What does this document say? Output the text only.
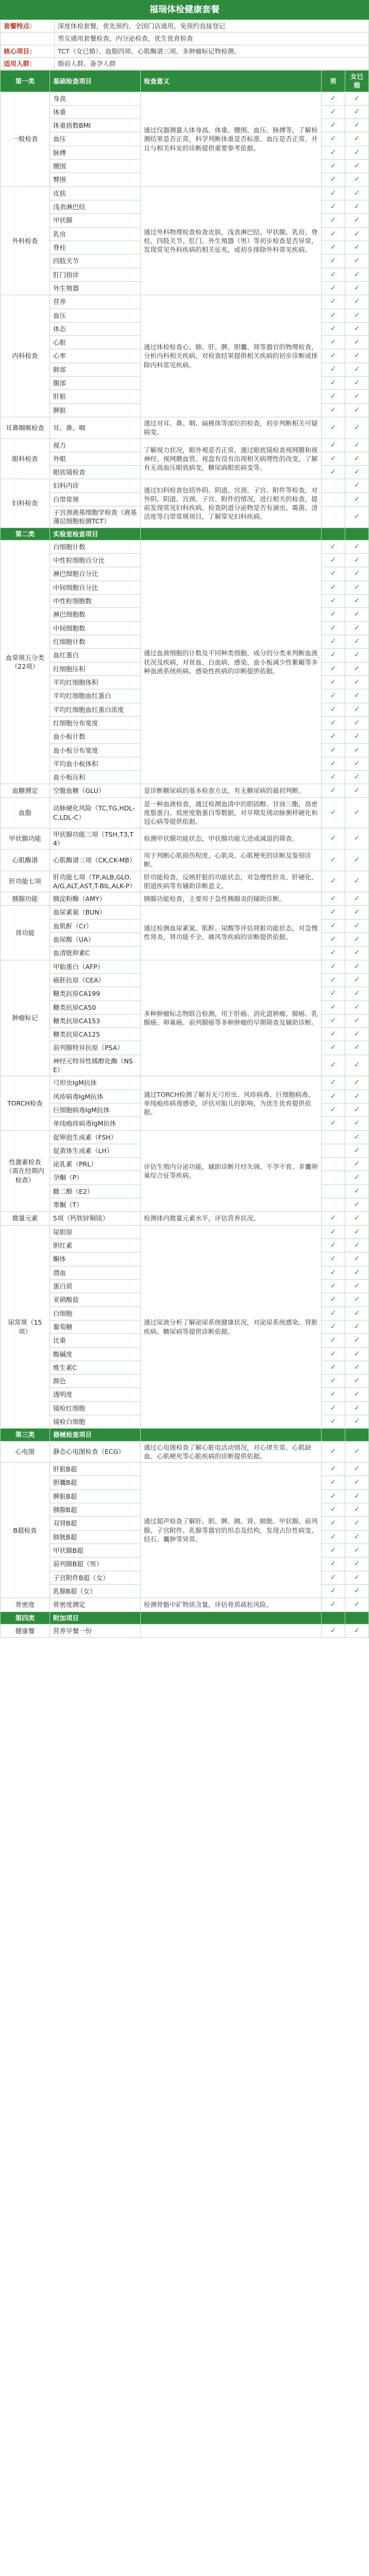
福瑞体检健康套餐
套餐特点：	深度体检套餐，优先预约，全国门店通用，免预约直接登记
	男女通用套餐检查，内分泌检查，优生优育检查
核心项目：	TCT（女已婚）、血脂四项、心肌酶谱三项、多肿瘤标记物检测、
适用人群：	婚前人群、备孕人群
第一类	基础检查项目	检查意义	男	女已婚
一般检查	身高	通过仪器测量人体身高、体重、腰围、血压、脉搏等，了解检测结果是否正常，科学判断体重是否标准、血压是否正常，并且与相关科室的诊断提供重要参考依据。	✓	✓
	体重		✓	✓
	体重指数BMI		✓	✓
	血压		✓	✓
	脉搏		✓	✓
	腰围		✓	✓
	臀围		✓	✓
外科检查	皮肤	通过外科物理检查检查皮肤、浅表淋巴结、甲状腺、乳房、脊柱、四肢关节、肛门、外生殖器（男）等初步检查是否异常，发现常见外科疾病的相关征兆，或初步排除外科常见疾病。	✓	✓
	浅表淋巴结		✓	✓
	甲状腺		✓	✓
	乳房		✓	✓
	脊柱		✓	✓
	四肢关节		✓	✓
	肛门指诊		✓	✓
	外生殖器		✓	✓
内科检查	营养	通过体检检查心、肺、肝、脾、胆囊、肾等器官的物理检查，分析内科相关疾病，对检查结果提供相关疾病的初步诊断或排除内科常见疾病。	✓	✓
	血压		✓	✓
	体态		✓	✓
	心脏		✓	✓
	心率		✓	✓
	肺部		✓	✓
	腹部		✓	✓
	肝脏		✓	✓
	脾脏		✓	✓
耳鼻咽喉检查	耳、鼻、咽	通过对耳、鼻、咽、扁桃体等部位的检查，初步判断相关可疑病变。	✓	✓
眼科检查	视力	了解视力状况，眼外观是否正常，通过眼底镜检查视网膜和视神经、视网膜血管、视盘有没有出现相关病理性的改变，了解有无高血压眼底病变，糖尿病眼底病变等。	✓	✓
	外眼		✓	✓
	眼底镜检查		✓	✓
妇科检查	妇科内诊	通过妇科检查包括外阴、阴道、宫颈、子宫、附件等检查，对外阴、阴道、宫颈、子宫、附件的情况，进行相关的检查，提前发现常见妇科疾病。检查阴道分泌物是否有滴虫、霉菌、清洁度等白带常规项目，了解常见妇科疾病。		✓
	白带常规			✓
	子宫颈液基细胞学检查（液基薄层细胞检测TCT）			✓
第二类	实验室检查项目			
血常规五分类（22项）	白细胞计数	通过血液细胞的计数及不同种类细胞、成分的分类来判断血液状况及疾病，对贫血、白血病、感染、血小板减少性紫癜等多种血液系统疾病、感染性疾病的诊断提供依据。	✓	✓
	中性粒细胞百分比		✓	✓
	淋巴细胞百分比		✓	✓
	中间细胞百分比		✓	✓
	中性粒细胞数		✓	✓
	淋巴细胞数		✓	✓
	中间细胞数		✓	✓
	红细胞计数		✓	✓
	血红蛋白		✓	✓
	红细胞压积		✓	✓
	平均红细胞体积		✓	✓
	平均红细胞血红蛋白		✓	✓
	平均红细胞血红蛋白浓度		✓	✓
	红细胞分布宽度		✓	✓
	血小板计数		✓	✓
	血小板分布宽度		✓	✓
	平均血小板体积		✓	✓
	血小板压积		✓	✓
血糖测定	空腹血糖（GLU）	是诊断糖尿病的基本检查方法，有无糖尿病的最初判断。	✓	✓
血脂	动脉硬化风险（TC,TG,HDL-C,LDL-C）	是一种血液检查，通过检测血清中的胆固醇、甘油三酯，高密度脂蛋白、低密度脂蛋白等数据，对早期发现动脉粥样硬化和冠心病等提供依据。	✓	✓
甲状腺功能	甲状腺功能三项（TSH,T3,T4）	检测甲状腺功能状态，甲状腺功能亢进或减退的筛查。	✓	✓
心肌酶谱	心肌酶谱三项（CK,CK-MB）	用于判断心肌损伤程度，心肌炎、心肌梗死的诊断及鉴别诊断。	✓	✓
肝功能七项	肝功能七项（TP,ALB,GLO,A/G,ALT,AST,T-BIL,ALK-P）	肝功能检查，反映肝脏的功能状态，对急慢性肝炎、肝硬化、胆道疾病等有辅助诊断意义。	✓	✓
胰腺功能	胰淀粉酶（AMY）	胰腺功能检查，主要用于急性胰腺炎的辅助诊断。	✓	✓
肾功能	血尿素氮（BUN）	通过检测血尿素氮、肌酐、尿酸等评估肾脏功能状态，对急慢性肾炎、肾功能不全、痛风等疾病的诊断提供依据。	✓	✓
	血肌酐（Cr）		✓	✓
	血尿酸（UA）		✓	✓
	血清胱抑素C		✓	✓
肿瘤标记	甲胎蛋白（AFP）	多种肿瘤标志物联合检测，用于肝癌、消化道肿瘤、肺癌、乳腺癌、卵巢癌、前列腺癌等多种肿瘤的早期筛查及辅助诊断。	✓	✓
	癌胚抗原（CEA）		✓	✓
	糖类抗原CA199		✓	✓
	糖类抗原CA50		✓	✓
	糖类抗原CA153		✓	✓
	糖类抗原CA125		✓	✓
	前列腺特异抗原（PSA）		✓	✓
	神经元特异性烯醇化酶（NSE）		✓	✓
TORCH检查	弓形虫IgM抗体	通过TORCH检测了解有无弓形虫、风疹病毒、巨细胞病毒、单纯疱疹病毒感染，评估对胎儿的影响，为优生优育提供依据。	✓	✓
	风疹病毒IgM抗体		✓	✓
	巨细胞病毒IgM抗体		✓	✓
	单纯疱疹病毒IgM抗体		✓	✓
性激素检查（需在经期内检查）	促卵泡生成素（FSH）	评估生殖内分泌功能，辅助诊断月经失调、不孕不育、多囊卵巢综合征等疾病。		✓
	促黄体生成素（LH）			✓
	泌乳素（PRL）			✓
	孕酮（P）			✓
	雌二醇（E2）			✓
	睾酮（T）			✓
微量元素	5项（钙铁锌铜镁）	检测体内微量元素水平，评估营养状况。	✓	✓
尿常规（15项）	尿胆原	通过尿液分析了解泌尿系统健康状况，对泌尿系统感染、肾脏疾病、糖尿病等提供诊断依据。	✓	✓
	胆红素		✓	✓
	酮体		✓	✓
	潜血		✓	✓
	蛋白质		✓	✓
	亚硝酸盐		✓	✓
	白细胞		✓	✓
	葡萄糖		✓	✓
	比重		✓	✓
	酸碱度		✓	✓
	维生素C		✓	✓
	颜色		✓	✓
	透明度		✓	✓
	镜检红细胞		✓	✓
	镜检白细胞		✓	✓
第三类	器械检查项目			
心电图	静态心电图检查（ECG）	通过心电图检查了解心脏电活动情况，对心律失常、心肌缺血、心肌梗死等心脏疾病的诊断提供依据。	✓	✓
B超检查	肝脏B超	通过超声检查了解肝、胆、脾、胰、肾、膀胱、甲状腺、前列腺、子宫附件、乳腺等器官的形态及结构，发现占位性病变、结石、囊肿等异常。	✓	✓
	胆囊B超		✓	✓
	脾脏B超		✓	✓
	胰腺B超		✓	✓
	双肾B超		✓	✓
	膀胱B超		✓	✓
	甲状腺B超		✓	✓
	前列腺B超（男）		✓	✓
	子宫附件B超（女）		✓	✓
	乳腺B超（女）		✓	✓
骨密度	骨密度测定	检测骨骼中矿物质含量，评估骨质疏松风险。	✓	✓
第四类	附加项目			
健康餐	营养早餐一份		✓	✓
